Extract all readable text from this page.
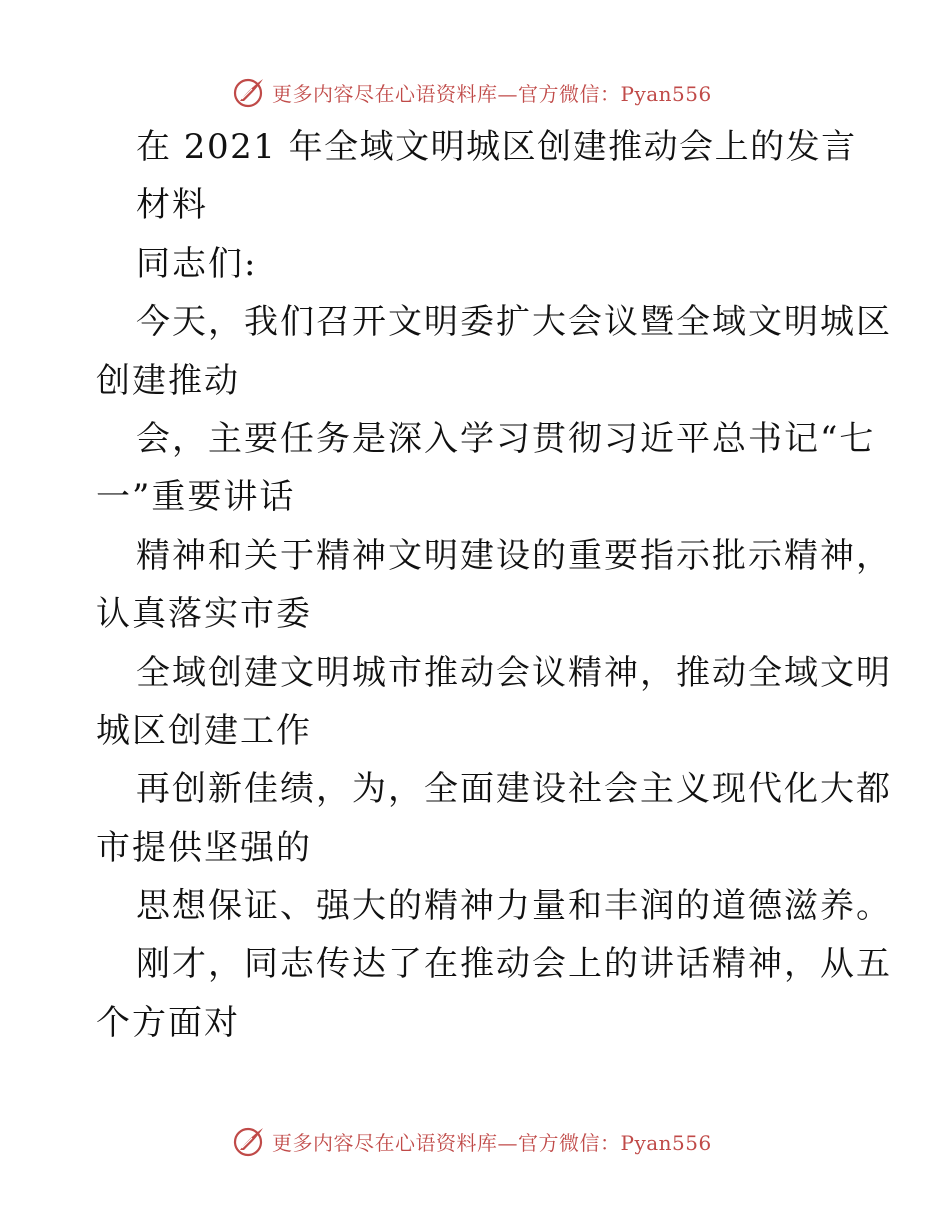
更多内容尽在心语资料库—官方微信：Pyan556
在 2021 年全域文明城区创建推动会上的发言
材料
同志们:
今天，我们召开文明委扩大会议暨全域文明城区
创建推动
会，主要任务是深入学习贯彻习近平总书记“七
一”重要讲话
精神和关于精神文明建设的重要指示批示精神，
认真落实市委
全域创建文明城市推动会议精神，推动全域文明
城区创建工作
再创新佳绩，为，全面建设社会主义现代化大都
市提供坚强的
思想保证、强大的精神力量和丰润的道德滋养。
刚才，同志传达了在推动会上的讲话精神，从五
个方面对
更多内容尽在心语资料库—官方微信：Pyan556
